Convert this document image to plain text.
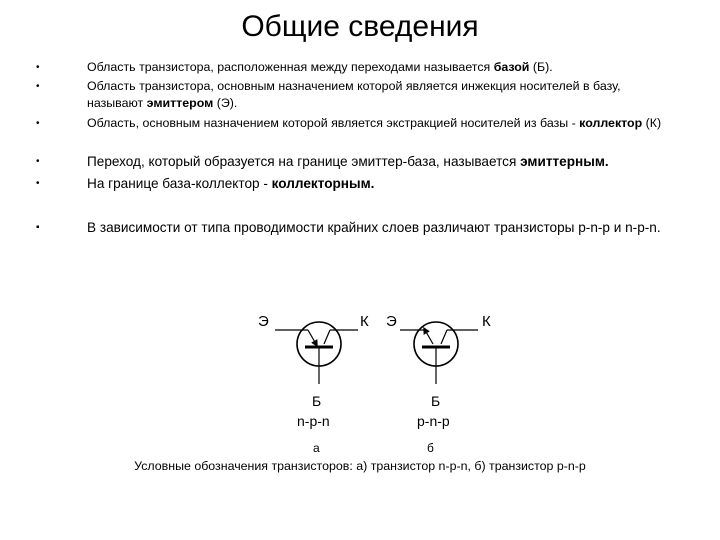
Общие сведения
•	Область транзистора, расположенная между переходами называется базой (Б).
•	Область транзистора, основным назначением которой является инжекция носителей в базу, называют эмиттером (Э).
•	Область, основным назначением которой является экстракцией носителей из базы - коллектор (К)
•	Переход, который образуется на границе эмиттер-база, называется эмиттерным.
•	На границе база-коллектор - коллекторным.
▪	В зависимости от типа проводимости крайних слоев различают транзисторы p-n-p и n-p-n.
Э	К
Б
n-p-n
Э	К
Б
p-n-p
а	б
Условные обозначения транзисторов: а) транзистор n-p-n, б) транзистор p-n-p
